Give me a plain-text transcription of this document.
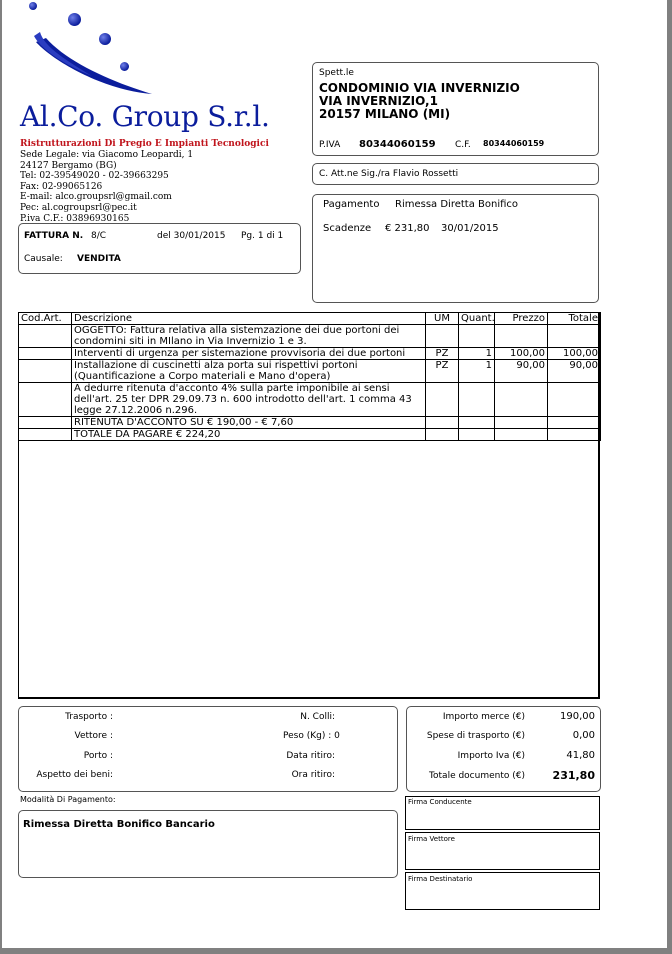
Al.Co. Group S.r.l.
Ristrutturazioni Di Pregio E Impianti Tecnologici
Sede Legale: via Giacomo Leopardi, 1
24127 Bergamo (BG)
Tel: 02-39549020 - 02-39663295
Fax: 02-99065126
E-mail: alco.groupsrl@gmail.com
Pec: al.cogroupsrl@pec.it
P.iva C.F.: 03896930165
Spett.le
CONDOMINIO VIA INVERNIZIO
VIA INVERNIZIO,1
20157 MILANO (MI)
P.IVA 80344060159 C.F. 80344060159
C. Att.ne Sig./ra Flavio Rossetti
Pagamento Rimessa Diretta Bonifico
Scadenze € 231,80 30/01/2015
FATTURA N. 8/C	del 30/01/2015 Pg. 1 di 1
Causale: VENDITA
Cod.Art.	Descrizione	UM	Quant.	Prezzo	Totale
	OGGETTO: Fattura relativa alla sistemzazione dei due portoni dei condomini siti in MIlano in Via Invernizio 1 e 3.				
	Interventi di urgenza per sistemazione provvisoria dei due portoni	PZ	1	100,00	100,00
	Installazione di cuscinetti alza porta sui rispettivi portoni (Quantificazione a Corpo materiali e Mano d'opera)	PZ	1	90,00	90,00
	A dedurre ritenuta d'acconto 4% sulla parte imponibile ai sensi dell'art. 25 ter DPR 29.09.73 n. 600 introdotto dell'art. 1 comma 43 legge 27.12.2006 n.296.				
	RITENUTA D'ACCONTO SU € 190,00 - € 7,60				
	TOTALE DA PAGARE € 224,20				
Trasporto :
Vettore :
Porto :
Aspetto dei beni:
N. Colli:
Peso (Kg) : 0
Data ritiro:
Ora ritiro:
Importo merce (€)	190,00
Spese di trasporto (€)	0,00
Importo Iva (€)	41,80
Totale documento (€)	231,80
Modalità Di Pagamento:
Rimessa Diretta Bonifico Bancario
Firma Conducente
Firma Vettore
Firma Destinatario
